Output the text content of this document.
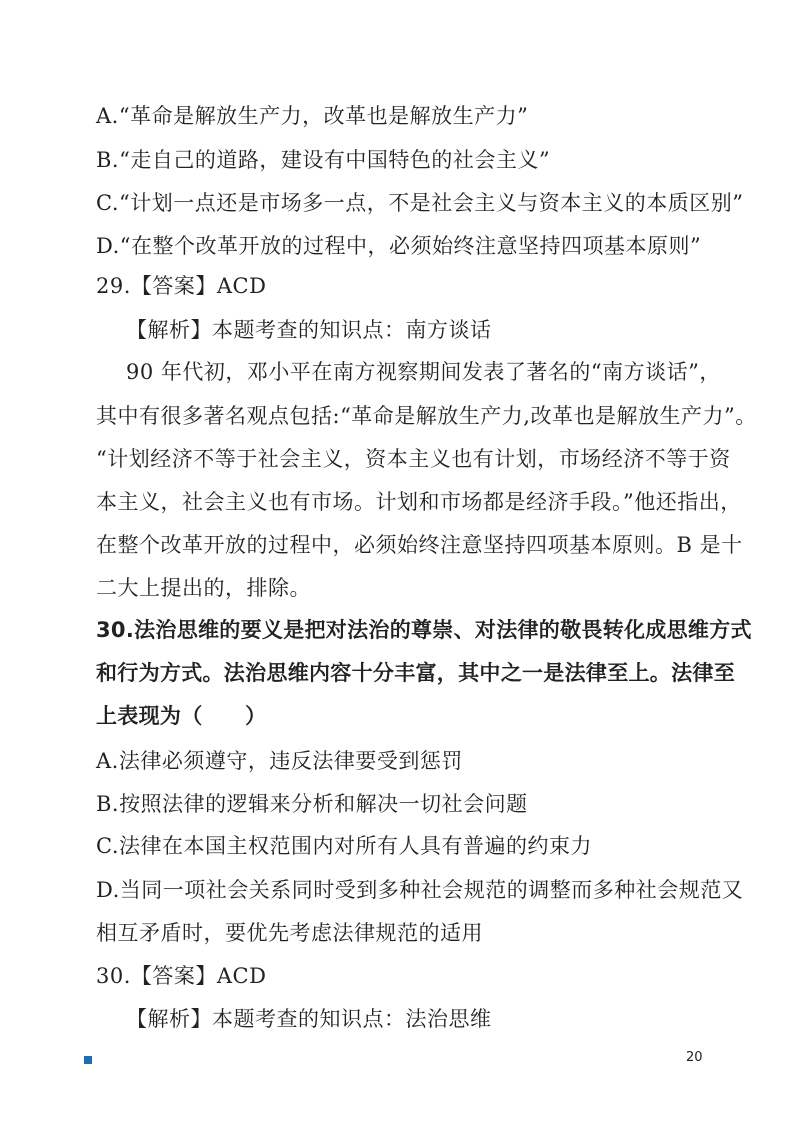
A.“革命是解放生产力，改革也是解放生产力”
B.“走自己的道路，建设有中国特色的社会主义”
C.“计划一点还是市场多一点，不是社会主义与资本主义的本质区别”
D.“在整个改革开放的过程中，必须始终注意坚持四项基本原则”
29.【答案】ACD
【解析】本题考查的知识点：南方谈话
90 年代初，邓小平在南方视察期间发表了著名的“南方谈话”，
其中有很多著名观点包括:“革命是解放生产力,改革也是解放生产力”。
“计划经济不等于社会主义，资本主义也有计划，市场经济不等于资
本主义，社会主义也有市场。计划和市场都是经济手段。”他还指出，
在整个改革开放的过程中，必须始终注意坚持四项基本原则。B 是十
二大上提出的，排除。
30.法治思维的要义是把对法治的尊崇、对法律的敬畏转化成思维方式
和行为方式。法治思维内容十分丰富，其中之一是法律至上。法律至
上表现为（　　）
A.法律必须遵守，违反法律要受到惩罚
B.按照法律的逻辑来分析和解决一切社会问题
C.法律在本国主权范围内对所有人具有普遍的约束力
D.当同一项社会关系同时受到多种社会规范的调整而多种社会规范又
相互矛盾时，要优先考虑法律规范的适用
30.【答案】ACD
【解析】本题考查的知识点：法治思维
20
